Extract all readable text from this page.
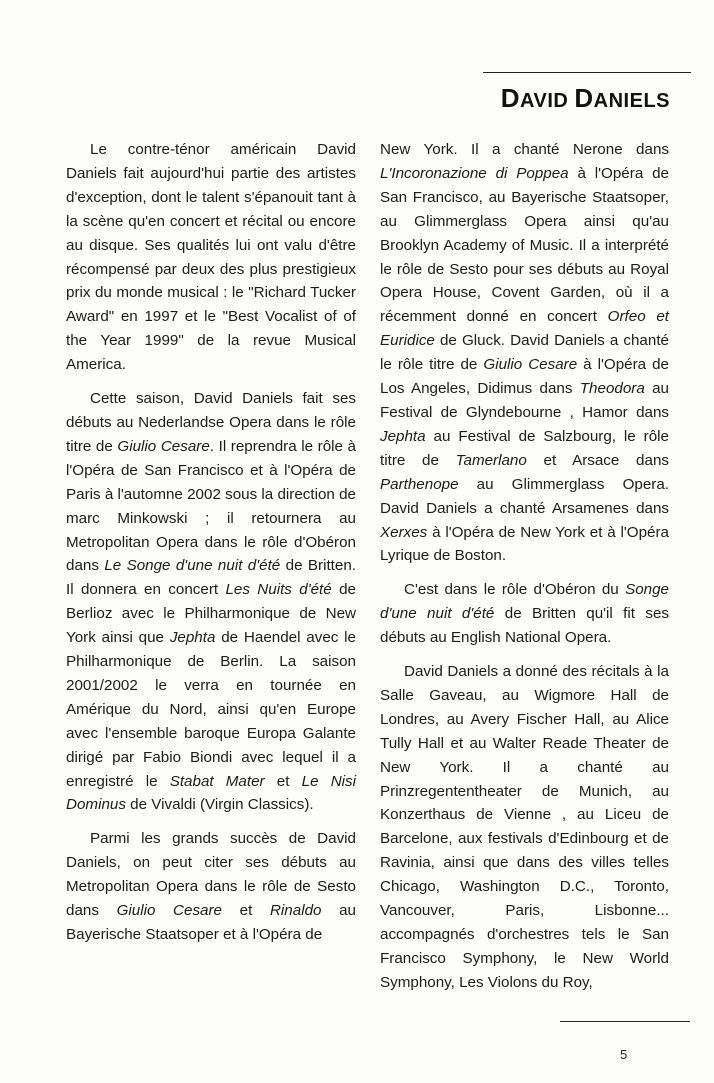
DAVID DANIELS

Le contre-ténor américain David Daniels fait aujourd'hui partie des artistes d'exception, dont le talent s'épanouit tant à la scène qu'en concert et récital ou encore au disque. Ses qualités lui ont valu d'être récompensé par deux des plus prestigieux prix du monde musical : le "Richard Tucker Award" en 1997 et le "Best Vocalist of of the Year 1999" de la revue Musical America.

Cette saison, David Daniels fait ses débuts au Nederlandse Opera dans le rôle titre de Giulio Cesare. Il reprendra le rôle à l'Opéra de San Francisco et à l'Opéra de Paris à l'automne 2002 sous la direction de marc Minkowski ; il retournera au Metropolitan Opera dans le rôle d'Obéron dans Le Songe d'une nuit d'été de Britten. Il donnera en concert Les Nuits d'été de Berlioz avec le Philharmonique de New York ainsi que Jephta de Haendel avec le Philharmonique de Berlin. La saison 2001/2002 le verra en tournée en Amérique du Nord, ainsi qu'en Europe avec l'ensemble baroque Europa Galante dirigé par Fabio Biondi avec lequel il a enregistré le Stabat Mater et Le Nisi Dominus de Vivaldi (Virgin Classics).

Parmi les grands succès de David Daniels, on peut citer ses débuts au Metropolitan Opera dans le rôle de Sesto dans Giulio Cesare et Rinaldo au Bayerische Staatsoper et à l'Opéra de

New York. Il a chanté Nerone dans L'Incoronazione di Poppea à l'Opéra de San Francisco, au Bayerische Staatsoper, au Glimmerglass Opera ainsi qu'au Brooklyn Academy of Music. Il a interprété le rôle de Sesto pour ses débuts au Royal Opera House, Covent Garden, où il a récemment donné en concert Orfeo et Euridice de Gluck. David Daniels a chanté le rôle titre de Giulio Cesare à l'Opéra de Los Angeles, Didimus dans Theodora au Festival de Glyndebourne , Hamor dans Jephta au Festival de Salzbourg, le rôle titre de Tamerlano et Arsace dans Parthenope au Glimmerglass Opera. David Daniels a chanté Arsamenes dans Xerxes à l'Opéra de New York et à l'Opéra Lyrique de Boston.

C'est dans le rôle d'Obéron du Songe d'une nuit d'été de Britten qu'il fit ses débuts au English National Opera.

David Daniels a donné des récitals à la Salle Gaveau, au Wigmore Hall de Londres, au Avery Fischer Hall, au Alice Tully Hall et au Walter Reade Theater de New York. Il a chanté au Prinzregententheater de Munich, au Konzerthaus de Vienne , au Liceu de Barcelone, aux festivals d'Edinbourg et de Ravinia, ainsi que dans des villes telles Chicago, Washington D.C., Toronto, Vancouver, Paris, Lisbonne... accompagnés d'orchestres tels le San Francisco Symphony, le New World Symphony, Les Violons du Roy,

5
